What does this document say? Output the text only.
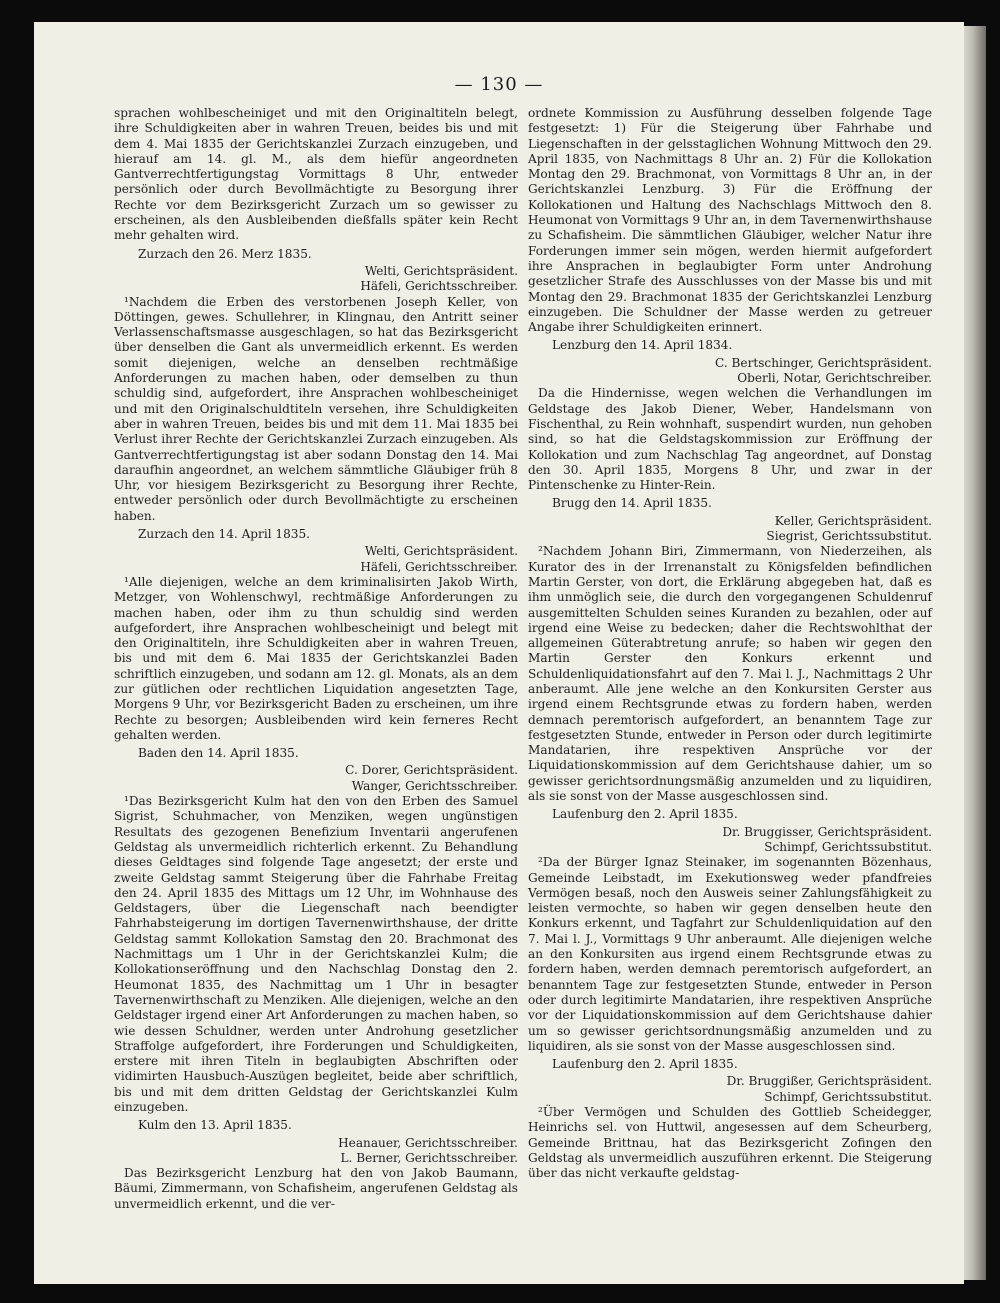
— 130 —

sprachen wohlbescheiniget und mit den Originaltiteln belegt, ihre Schuldigkeiten aber in wahren Treuen, beides bis und mit dem 4. Mai 1835 der Gerichtskanzlei Zurzach einzugeben, und hierauf am 14. gl. M., als dem hiefür angeordneten Gantverrechtfertigungstag Vormittags 8 Uhr, entweder persönlich oder durch Bevollmächtigte zu Besorgung ihrer Rechte vor dem Bezirksgericht Zurzach um so gewisser zu erscheinen, als den Ausbleibenden dießfalls später kein Recht mehr gehalten wird.

Zurzach den 26. Merz 1835.

Welti, Gerichtspräsident.

Häfeli, Gerichtsschreiber.

¹Nachdem die Erben des verstorbenen Joseph Keller, von Döttingen, gewes. Schullehrer, in Klingnau, den Antritt seiner Verlassenschaftsmasse ausgeschlagen, so hat das Bezirksgericht über denselben die Gant als unvermeidlich erkennt. Es werden somit diejenigen, welche an denselben rechtmäßige Anforderungen zu machen haben, oder demselben zu thun schuldig sind, aufgefordert, ihre Ansprachen wohlbescheiniget und mit den Originalschuldtiteln versehen, ihre Schuldigkeiten aber in wahren Treuen, beides bis und mit dem 11. Mai 1835 bei Verlust ihrer Rechte der Gerichtskanzlei Zurzach einzugeben. Als Gantverrechtfertigungstag ist aber sodann Donstag den 14. Mai daraufhin angeordnet, an welchem sämmtliche Gläubiger früh 8 Uhr, vor hiesigem Bezirksgericht zu Besorgung ihrer Rechte, entweder persönlich oder durch Bevollmächtigte zu erscheinen haben.

Zurzach den 14. April 1835.

Welti, Gerichtspräsident.

Häfeli, Gerichtsschreiber.

¹Alle diejenigen, welche an dem kriminalisirten Jakob Wirth, Metzger, von Wohlenschwyl, rechtmäßige Anforderungen zu machen haben, oder ihm zu thun schuldig sind werden aufgefordert, ihre Ansprachen wohlbescheinigt und belegt mit den Originaltiteln, ihre Schuldigkeiten aber in wahren Treuen, bis und mit dem 6. Mai 1835 der Gerichtskanzlei Baden schriftlich einzugeben, und sodann am 12. gl. Monats, als an dem zur gütlichen oder rechtlichen Liquidation angesetzten Tage, Morgens 9 Uhr, vor Bezirksgericht Baden zu erscheinen, um ihre Rechte zu besorgen; Ausbleibenden wird kein ferneres Recht gehalten werden.

Baden den 14. April 1835.

C. Dorer, Gerichtspräsident.

Wanger, Gerichtsschreiber.

¹Das Bezirksgericht Kulm hat den von den Erben des Samuel Sigrist, Schuhmacher, von Menziken, wegen ungünstigen Resultats des gezogenen Benefizium Inventarii angerufenen Geldstag als unvermeidlich richterlich erkennt. Zu Behandlung dieses Geldtages sind folgende Tage angesetzt; der erste und zweite Geldstag sammt Steigerung über die Fahrhabe Freitag den 24. April 1835 des Mittags um 12 Uhr, im Wohnhause des Geldstagers, über die Liegenschaft nach beendigter Fahrhabsteigerung im dortigen Tavernenwirthshause, der dritte Geldstag sammt Kollokation Samstag den 20. Brachmonat des Nachmittags um 1 Uhr in der Gerichtskanzlei Kulm; die Kollokationseröffnung und den Nachschlag Donstag den 2. Heumonat 1835, des Nachmittag um 1 Uhr in besagter Tavernenwirthschaft zu Menziken. Alle diejenigen, welche an den Geldstager irgend einer Art Anforderungen zu machen haben, so wie dessen Schuldner, werden unter Androhung gesetzlicher Straffolge aufgefordert, ihre Forderungen und Schuldigkeiten, erstere mit ihren Titeln in beglaubigten Abschriften oder vidimirten Hausbuch-Auszügen begleitet, beide aber schriftlich, bis und mit dem dritten Geldstag der Gerichtskanzlei Kulm einzugeben.

Kulm den 13. April 1835.

Heanauer, Gerichtsschreiber.

L. Berner, Gerichtsschreiber.

Das Bezirksgericht Lenzburg hat den von Jakob Baumann, Bäumi, Zimmermann, von Schafisheim, angerufenen Geldstag als unvermeidlich erkennt, und die ver-

ordnete Kommission zu Ausführung desselben folgende Tage festgesetzt: 1) Für die Steigerung über Fahrhabe und Liegenschaften in der gelsstaglichen Wohnung Mittwoch den 29. April 1835, von Nachmittags 8 Uhr an. 2) Für die Kollokation Montag den 29. Brachmonat, von Vormittags 8 Uhr an, in der Gerichtskanzlei Lenzburg. 3) Für die Eröffnung der Kollokationen und Haltung des Nachschlags Mittwoch den 8. Heumonat von Vormittags 9 Uhr an, in dem Tavernenwirthshause zu Schafisheim. Die sämmtlichen Gläubiger, welcher Natur ihre Forderungen immer sein mögen, werden hiermit aufgefordert ihre Ansprachen in beglaubigter Form unter Androhung gesetzlicher Strafe des Ausschlusses von der Masse bis und mit Montag den 29. Brachmonat 1835 der Gerichtskanzlei Lenzburg einzugeben. Die Schuldner der Masse werden zu getreuer Angabe ihrer Schuldigkeiten erinnert.

Lenzburg den 14. April 1834.

C. Bertschinger, Gerichtspräsident.

Oberli, Notar, Gerichtschreiber.

Da die Hindernisse, wegen welchen die Verhandlungen im Geldstage des Jakob Diener, Weber, Handelsmann von Fischenthal, zu Rein wohnhaft, suspendirt wurden, nun gehoben sind, so hat die Geldstagskommission zur Eröffnung der Kollokation und zum Nachschlag Tag angeordnet, auf Donstag den 30. April 1835, Morgens 8 Uhr, und zwar in der Pintenschenke zu Hinter-Rein.

Brugg den 14. April 1835.

Keller, Gerichtspräsident.

Siegrist, Gerichtssubstitut.

²Nachdem Johann Biri, Zimmermann, von Niederzeihen, als Kurator des in der Irrenanstalt zu Königsfelden befindlichen Martin Gerster, von dort, die Erklärung abgegeben hat, daß es ihm unmöglich seie, die durch den vorgegangenen Schuldenruf ausgemittelten Schulden seines Kuranden zu bezahlen, oder auf irgend eine Weise zu bedecken; daher die Rechtswohlthat der allgemeinen Güterabtretung anrufe; so haben wir gegen den Martin Gerster den Konkurs erkennt und Schuldenliquidationsfahrt auf den 7. Mai l. J., Nachmittags 2 Uhr anberaumt. Alle jene welche an den Konkursiten Gerster aus irgend einem Rechtsgrunde etwas zu fordern haben, werden demnach peremtorisch aufgefordert, an benanntem Tage zur festgesetzten Stunde, entweder in Person oder durch legitimirte Mandatarien, ihre respektiven Ansprüche vor der Liquidationskommission auf dem Gerichtshause dahier, um so gewisser gerichtsordnungsmäßig anzumelden und zu liquidiren, als sie sonst von der Masse ausgeschlossen sind.

Laufenburg den 2. April 1835.

Dr. Bruggisser, Gerichtspräsident.

Schimpf, Gerichtssubstitut.

²Da der Bürger Ignaz Steinaker, im sogenannten Bözenhaus, Gemeinde Leibstadt, im Exekutionsweg weder pfandfreies Vermögen besaß, noch den Ausweis seiner Zahlungsfähigkeit zu leisten vermochte, so haben wir gegen denselben heute den Konkurs erkennt, und Tagfahrt zur Schuldenliquidation auf den 7. Mai l. J., Vormittags 9 Uhr anberaumt. Alle diejenigen welche an den Konkursiten aus irgend einem Rechtsgrunde etwas zu fordern haben, werden demnach peremtorisch aufgefordert, an benanntem Tage zur festgesetzten Stunde, entweder in Person oder durch legitimirte Mandatarien, ihre respektiven Ansprüche vor der Liquidationskommission auf dem Gerichtshause dahier um so gewisser gerichtsordnungsmäßig anzumelden und zu liquidiren, als sie sonst von der Masse ausgeschlossen sind.

Laufenburg den 2. April 1835.

Dr. Bruggißer, Gerichtspräsident.

Schimpf, Gerichtssubstitut.

²Über Vermögen und Schulden des Gottlieb Scheidegger, Heinrichs sel. von Huttwil, angesessen auf dem Scheurberg, Gemeinde Brittnau, hat das Bezirksgericht Zofingen den Geldstag als unvermeidlich auszuführen erkennt. Die Steigerung über das nicht verkaufte geldstag-
